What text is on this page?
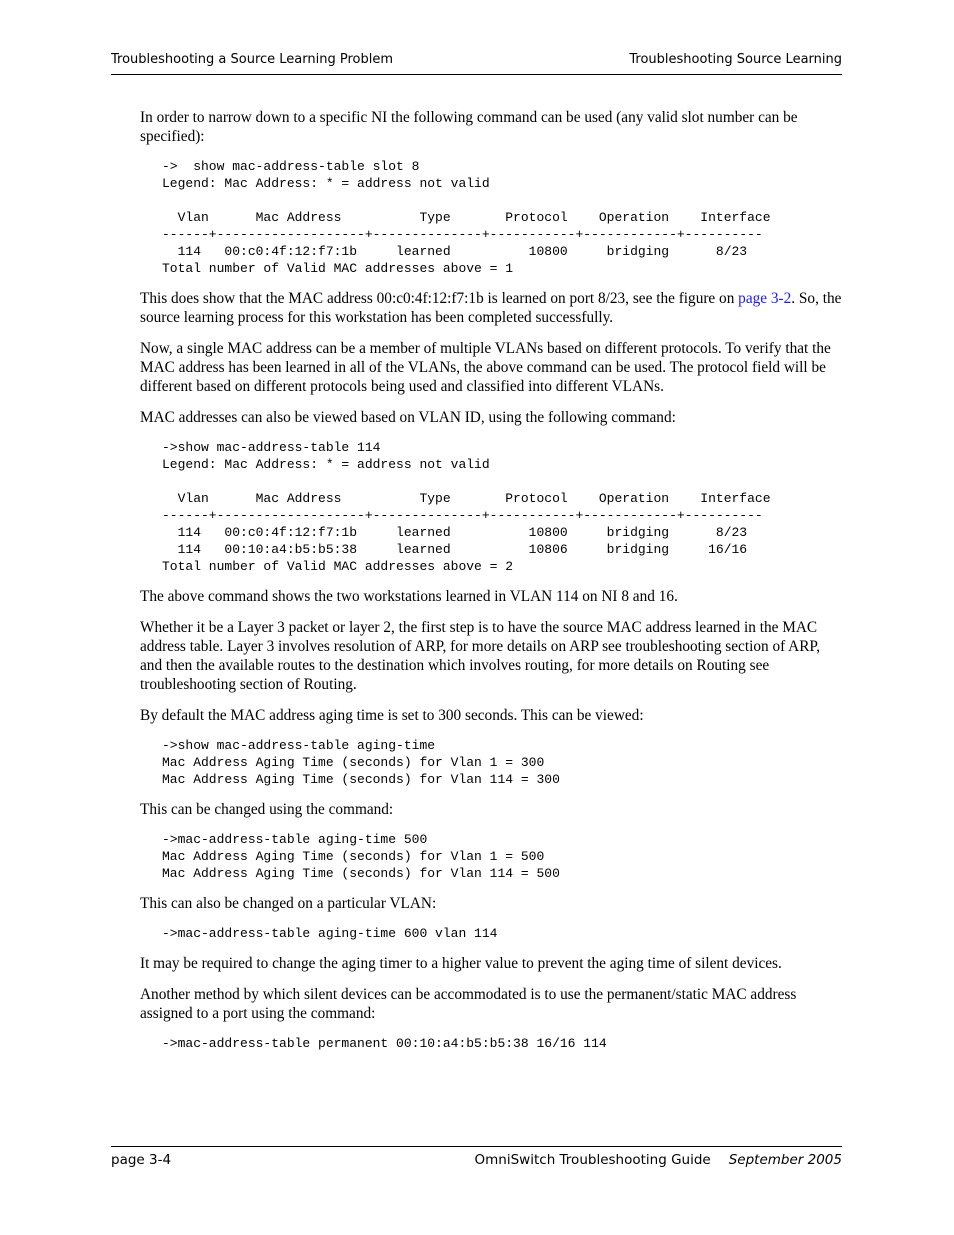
Troubleshooting a Source Learning Problem	Troubleshooting Source Learning

In order to narrow down to a specific NI the following command can be used (any valid slot number can be specified):

->  show mac-address-table slot 8
Legend: Mac Address: * = address not valid

Vlan      Mac Address          Type       Protocol    Operation    Interface
------+-------------------+--------------+-----------+------------+----------
114   00:c0:4f:12:f7:1b     learned          10800     bridging      8/23
Total number of Valid MAC addresses above = 1

This does show that the MAC address 00:c0:4f:12:f7:1b is learned on port 8/23, see the figure on page 3-2. So, the source learning process for this workstation has been completed successfully.

Now, a single MAC address can be a member of multiple VLANs based on different protocols. To verify that the MAC address has been learned in all of the VLANs, the above command can be used. The protocol field will be different based on different protocols being used and classified into different VLANs.

MAC addresses can also be viewed based on VLAN ID, using the following command:

->show mac-address-table 114
Legend: Mac Address: * = address not valid

Vlan      Mac Address          Type       Protocol    Operation    Interface
------+-------------------+--------------+-----------+------------+----------
114   00:c0:4f:12:f7:1b     learned          10800     bridging      8/23
114   00:10:a4:b5:b5:38     learned          10806     bridging     16/16
Total number of Valid MAC addresses above = 2

The above command shows the two workstations learned in VLAN 114 on NI 8 and 16.

Whether it be a Layer 3 packet or layer 2, the first step is to have the source MAC address learned in the MAC address table. Layer 3 involves resolution of ARP, for more details on ARP see troubleshooting section of ARP, and then the available routes to the destination which involves routing, for more details on Routing see troubleshooting section of Routing.

By default the MAC address aging time is set to 300 seconds. This can be viewed:

->show mac-address-table aging-time
Mac Address Aging Time (seconds) for Vlan 1 = 300
Mac Address Aging Time (seconds) for Vlan 114 = 300

This can be changed using the command:

->mac-address-table aging-time 500
Mac Address Aging Time (seconds) for Vlan 1 = 500
Mac Address Aging Time (seconds) for Vlan 114 = 500

This can also be changed on a particular VLAN:

->mac-address-table aging-time 600 vlan 114

It may be required to change the aging timer to a higher value to prevent the aging time of silent devices.

Another method by which silent devices can be accommodated is to use the permanent/static MAC address assigned to a port using the command:

->mac-address-table permanent 00:10:a4:b5:b5:38 16/16 114
page 3-4	OmniSwitch Troubleshooting Guide September 2005
